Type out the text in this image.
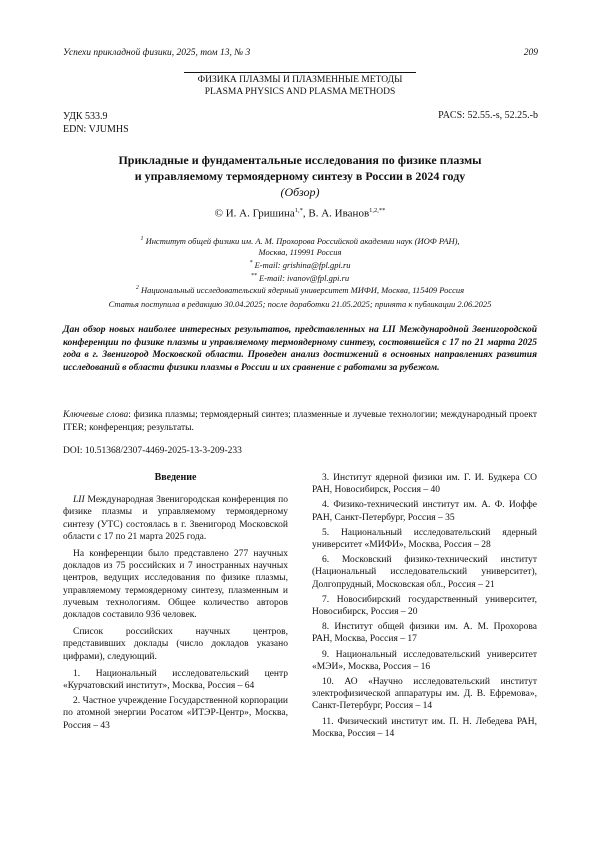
Успехи прикладной физики, 2025, том 13, № 3	209
ФИЗИКА ПЛАЗМЫ И ПЛАЗМЕННЫЕ МЕТОДЫ
PLASMA PHYSICS AND PLASMA METHODS
УДК 533.9
EDN: VJUMHS
PACS: 52.55.-s, 52.25.-b
Прикладные и фундаментальные исследования по физике плазмы
и управляемому термоядерному синтезу в России в 2024 году
(Обзор)
© И. А. Гришина$^{1,*}$, В. А. Иванов$^{1,2,**}$
$^1$ Институт общей физики им. А. М. Прохорова Российской академии наук (ИОФ РАН),
Москва, 119991 Россия
* E-mail: grishina@fpl.gpi.ru
** E-mail: ivanov@fpl.gpi.ru
$^2$ Национальный исследовательский ядерный университет МИФИ, Москва, 115409 Россия
Статья поступила в редакцию 30.04.2025; после доработки 21.05.2025; принята к публикации 2.06.2025
Дан обзор новых наиболее интересных результатов, представленных на LII Международной Звенигородской конференции по физике плазмы и управляемому термоядерному синтезу, состоявшейся с 17 по 21 марта 2025 года в г. Звенигород Московской области. Проведен анализ достижений в основных направлениях развития исследований в области физики плазмы в России и их сравнение с работами за рубежом.
Ключевые слова: физика плазмы; термоядерный синтез; плазменные и лучевые технологии; международный проект ITER; конференция; результаты.
DOI: 10.51368/2307-4469-2025-13-3-209-233
Введение

LII Международная Звенигородская конференция по физике плазмы и управляемому термоядерному синтезу (УТС) состоялась в г. Звенигород Московской области с 17 по 21 марта 2025 года.

На конференции было представлено 277 научных докладов из 75 российских и 7 иностранных научных центров, ведущих исследования по физике плазмы, управляемому термоядерному синтезу, плазменным и лучевым технологиям. Общее количество авторов докладов составило 936 человек.

Список российских научных центров, представивших доклады (число докладов указано цифрами), следующий.

1. Национальный исследовательский центр «Курчатовский институт», Москва, Россия – 64
2. Частное учреждение Государственной корпорации по атомной энергии Росатом «ИТЭР-Центр», Москва, Россия – 43
3. Институт ядерной физики им. Г. И. Будкера СО РАН, Новосибирск, Россия – 40
4. Физико-технический институт им. А. Ф. Иоффе РАН, Санкт-Петербург, Россия – 35
5. Национальный исследовательский ядерный университет «МИФИ», Москва, Россия – 28
6. Московский физико-технический институт (Национальный исследовательский университет), Долгопрудный, Московская обл., Россия – 21
7. Новосибирский государственный университет, Новосибирск, Россия – 20
8. Институт общей физики им. А. М. Прохорова РАН, Москва, Россия – 17
9. Национальный исследовательский университет «МЭИ», Москва, Россия – 16
10. АО «Научно исследовательский институт электрофизической аппаратуры им. Д. В. Ефремова», Санкт-Петербург, Россия – 14
11. Физический институт им. П. Н. Лебедева РАН, Москва, Россия – 14
